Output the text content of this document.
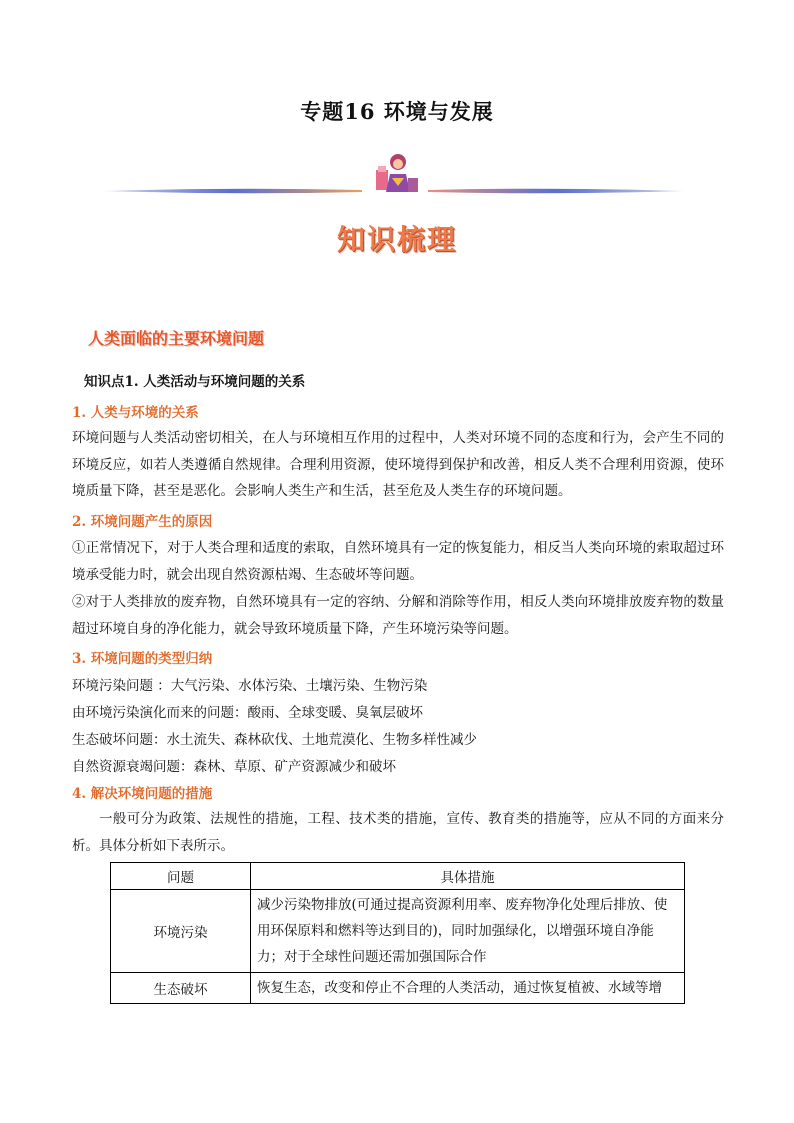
专题16 环境与发展
知识梳理
人类面临的主要环境问题
知识点1. 人类活动与环境问题的关系
1. 人类与环境的关系
环境问题与人类活动密切相关，在人与环境相互作用的过程中，人类对环境不同的态度和行为，会产生不同的环境反应，如若人类遵循自然规律。合理利用资源，使环境得到保护和改善，相反人类不合理利用资源，使环境质量下降，甚至是恶化。会影响人类生产和生活，甚至危及人类生存的环境问题。
2. 环境问题产生的原因
①正常情况下，对于人类合理和适度的索取，自然环境具有一定的恢复能力，相反当人类向环境的索取超过环境承受能力时，就会出现自然资源枯竭、生态破坏等问题。
②对于人类排放的废弃物，自然环境具有一定的容纳、分解和消除等作用，相反人类向环境排放废弃物的数量超过环境自身的净化能力，就会导致环境质量下降，产生环境污染等问题。
3. 环境问题的类型归纳
环境污染问题 ：大气污染、水体污染、土壤污染、生物污染
由环境污染演化而来的问题：酸雨、全球变暖、臭氧层破坏
生态破坏问题：水土流失、森林砍伐、土地荒漠化、生物多样性减少
自然资源衰竭问题：森林、草原、矿产资源减少和破坏
4. 解决环境问题的措施
一般可分为政策、法规性的措施，工程、技术类的措施，宣传、教育类的措施等，应从不同的方面来分析。具体分析如下表所示。
问题	具体措施
环境污染	减少污染物排放(可通过提高资源利用率、废弃物净化处理后排放、使用环保原料和燃料等达到目的)，同时加强绿化，以增强环境自净能力；对于全球性问题还需加强国际合作
生态破坏	恢复生态，改变和停止不合理的人类活动，通过恢复植被、水域等增
